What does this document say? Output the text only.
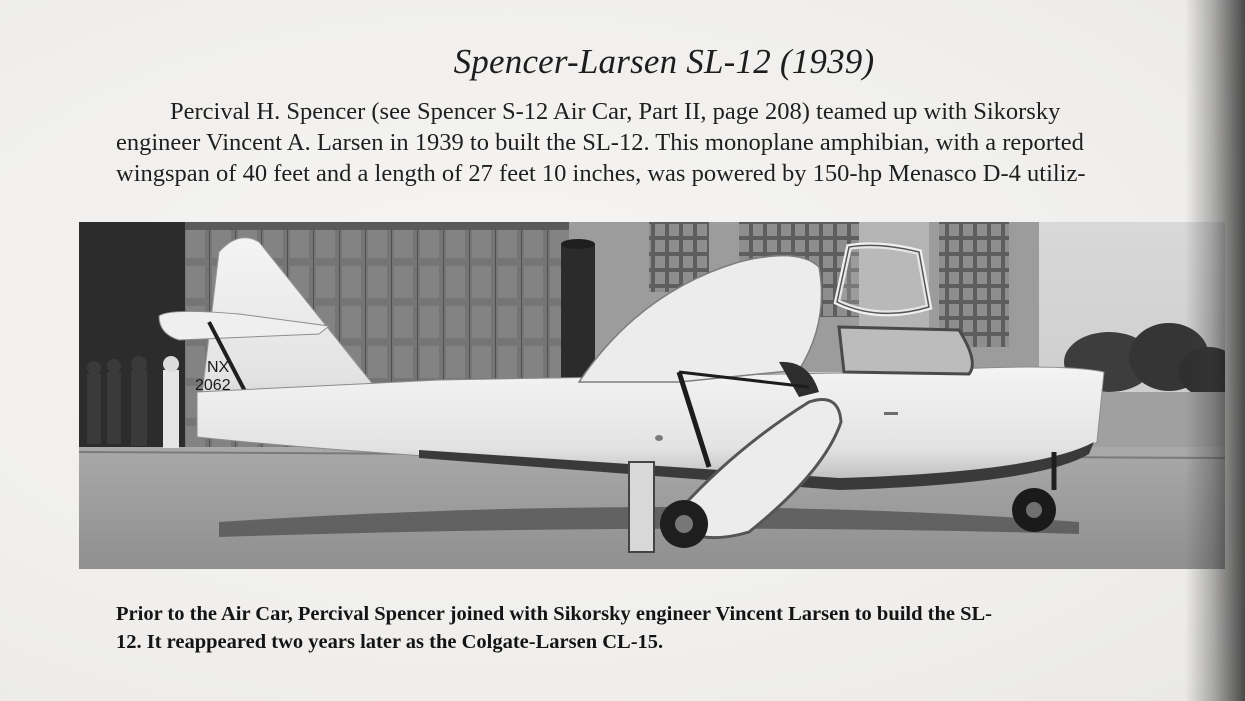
Spencer-Larsen SL-12 (1939)
Percival H. Spencer (see Spencer S-12 Air Car, Part II, page 208) teamed up with Sikorsky
engineer Vincent A. Larsen in 1939 to built the SL-12. This monoplane amphibian, with a reported
wingspan of 40 feet and a length of 27 feet 10 inches, was powered by 150-hp Menasco D-4 utiliz-
NX
2062
Prior to the Air Car, Percival Spencer joined with Sikorsky engineer Vincent Larsen to build the SL-
12. It reappeared two years later as the Colgate-Larsen CL-15.
